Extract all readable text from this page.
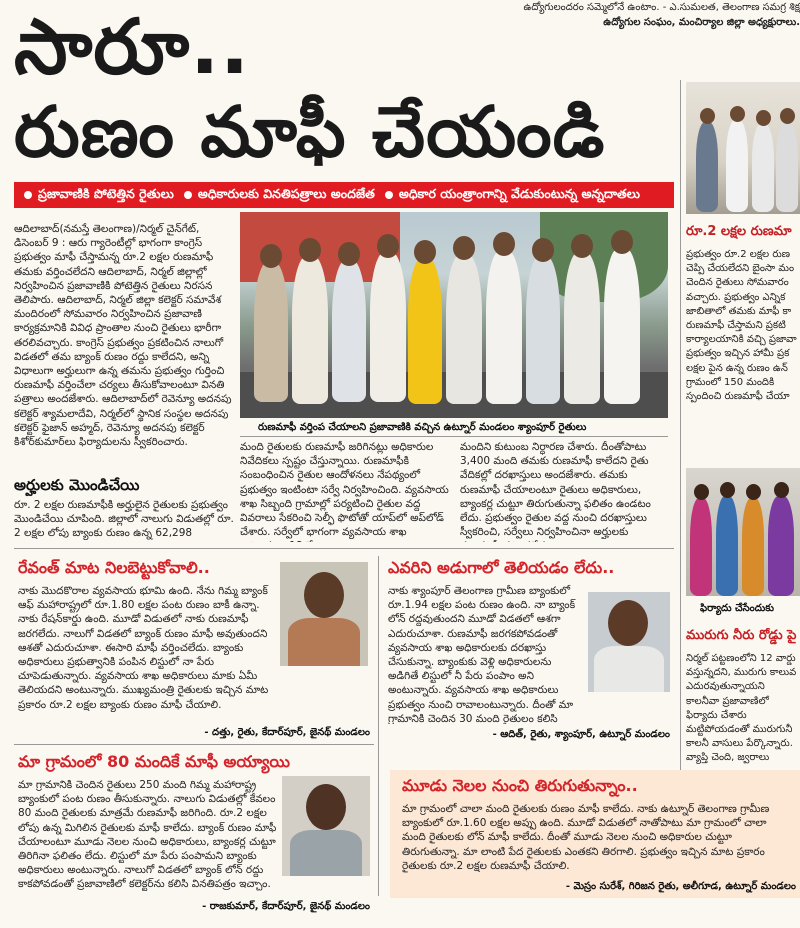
ఉద్యోగులందరం సమ్మెలోనే ఉంటాం. - ఎ.సుమలత, తెలంగాణ సమగ్ర శిక్ష
ఉద్యోగుల సంఘం, మంచిర్యాల జిల్లా అధ్యక్షురాలు.
సారూ..
రుణం మాఫీ చేయండి
ప్రజావాణికి పోటెత్తిన రైతులు అధికారులకు వినతిపత్రాలు అందజేత అధికార యంత్రాంగాన్ని వేడుకుంటున్న అన్నదాతలు
ఆదిలాబాద్(నమస్తే తెలంగాణ)/నిర్మల్ చైన్‌గేట్, డిసెంబర్ 9 : ఆరు గ్యారెంటీల్లో భాగంగా కాంగ్రెస్ ప్రభుత్వం మాఫీ చేస్తామన్న రూ.2 లక్షల రుణమాఫీ తమకు వర్తించలేదని ఆదిలాబాద్, నిర్మల్ జిల్లాల్లో నిర్వహించిన ప్రజావాణికి పోటెత్తిన రైతులు నిరసన తెలిపారు. ఆదిలాబాద్, నిర్మల్ జిల్లా కలెక్టర్ సమావేశ మందిరంలో సోమవారం నిర్వహించిన ప్రజావాణి కార్యక్రమానికి వివిధ ప్రాంతాల నుంచి రైతులు భారీగా తరలివచ్చారు. కాంగ్రెస్ ప్రభుత్వం ప్రకటించిన నాలుగో విడతలో తమ బ్యాంక్ రుణం రద్దు కాలేదని, అన్ని విధాలుగా అర్హులుగా ఉన్న తమను ప్రభుత్వం గుర్తించి రుణమాఫీ వర్తించేలా చర్యలు తీసుకోవాలంటూ వినతి పత్రాలు అందజేశారు. ఆదిలాబాద్‌లో రెవెన్యూ అదనపు కలెక్టర్ శ్యామలాదేవి, నిర్మల్‌లో స్థానిక సంస్థల అదనపు కలెక్టర్ ఫైజాన్ అహ్మద్, రెవెన్యూ అదనపు కలెక్టర్ కిశోర్‌కుమార్‌లు ఫిర్యాదులను స్వీకరించారు.
రుణమాఫీ వర్తింప చేయాలని ప్రజావాణికి వచ్చిన ఉట్నూర్ మండలం శ్యాంపూర్ రైతులు
మంది రైతులకు రుణమాఫీ జరిగినట్లు అధికారుల నివేదికలు స్పష్టం చేస్తున్నాయి. రుణమాఫీకి సంబంధించిన రైతుల ఆందోళనలు నేపథ్యంలో ప్రభుత్వం ఇంటింటా సర్వే నిర్వహించింది. వ్యవసాయ శాఖ సిబ్బంది గ్రామాల్లో పర్యటించి రైతుల వద్ద వివరాలు సేకరించి సెల్ఫీ ఫొటోతో యాప్‌లో అప్‌లోడ్ చేశారు. సర్వేలో భాగంగా వ్యవసాయ శాఖ
మందిని కుటుంబ నిర్ధారణ చేశారు. దీంతోపాటు 3,400 మంది తమకు రుణమాఫీ కాలేదని రైతు వేదికల్లో దరఖాస్తులు అందజేశారు. తమకు రుణమాఫీ చేయాలంటూ రైతులు అధికారులు, బ్యాంకర్ల చుట్టూ తిరుగుతున్నా ఫలితం ఉండటం లేదు. ప్రభుత్వం రైతుల వద్ద నుంచి దరఖాస్తులు స్వీకరించి, సర్వేలు నిర్వహించినా అర్హులకు
అర్హులకు మొండిచేయి
రూ. 2 లక్షల రుణమాఫీకి అర్హులైన రైతులకు ప్రభుత్వం మొండిచేయి చూపింది. జిల్లాలో నాలుగు విడుతల్లో రూ. 2 లక్షల లోపు బ్యాంకు రుణం ఉన్న 62,298
రేవంత్ మాట నిలబెట్టుకోవాలి..
నాకు మొదకొరాల వ్యవసాయ భూమి ఉంది. నేను గిమ్మ బ్యాంక్ ఆఫ్ మహారాష్ట్రలో రూ.1.80 లక్షల పంట రుణం బాకీ ఉన్నా. నాకు రేషన్‌కార్డు ఉంది. మూడో విడుతలో నాకు రుణమాఫీ జరగలేదు. నాలుగో విడతలో బ్యాంక్ రుణం మాఫీ అవుతుందని ఆశతో ఎదురుచూశా. ఈసారి మాఫీ వర్తించలేదు. బ్యాంకు అధికారులు ప్రభుత్వానికి పంపిన లిస్టులో నా పేరు చూపెడుతున్నారు. వ్యవసాయ శాఖ అధికారులు మాకు ఏమీ తెలియదని అంటున్నారు. ముఖ్యమంత్రి రైతులకు ఇచ్చిన మాట ప్రకారం రూ.2 లక్షల బ్యాంకు రుణం మాఫీ చేయాలి.
- దత్తు, రైతు, కేదార్‌పూర్, జైనథ్ మండలం
మా గ్రామంలో 80 మందికే మాఫీ అయ్యాయి
మా గ్రామానికి చెందిన రైతులు 250 మంది గిమ్మ మహారాష్ట్ర బ్యాంకులో పంట రుణం తీసుకున్నారు. నాలుగు విడుతల్లో కేవలం 80 మంది రైతులకు మాత్రమే రుణమాఫీ జరిగింది. రూ.2 లక్షల లోపు ఉన్న మిగిలిన రైతులకు మాఫీ కాలేదు. బ్యాంక్ రుణం మాఫీ చేయాలంటూ మూడు నెలల నుంచి అధికారులు, బ్యాంకర్ల చుట్టూ తిరిగినా ఫలితం లేదు. లిస్టులో మా పేరు పంపామని బ్యాంకు అధికారులు అంటున్నారు. నాలుగో విడతలో బ్యాంక్ లోన్ రద్దు కాకపోవడంతో ప్రజావాణిలో కలెక్టర్‌ను కలిసి వినతిపత్రం ఇచ్చాం.
- రాజకుమార్, కేదార్‌పూర్, జైనథ్ మండలం
ఎవరిని అడుగాలో తెలియడం లేదు..
నాకు శ్యాంపూర్ తెలంగాణ గ్రామీణ బ్యాంకులో రూ.1.94 లక్షల పంట రుణం ఉంది. నా బ్యాంక్ లోన్ రద్దవుతుందని మూడో విడతలో ఆశగా ఎదురుచూశా. రుణమాఫీ జరగకపోవడంతో వ్యవసాయ శాఖ అధికారులకు దరఖాస్తు చేసుకున్నా. బ్యాంకుకు వెళ్లి అధికారులను అడిగితే లిస్టులో నీ పేరు పంపాం అని అంటున్నారు. వ్యవసాయ శాఖ అధికారులు ప్రభుత్వం నుంచి రావాలంటున్నారు. దీంతో మా గ్రామానికి చెందిన 30 మంది రైతులం కలిసి
- ఆదిత్, రైతు, శ్యాంపూర్, ఉట్నూర్ మండలం
మూడు నెలల నుంచి తిరుగుతున్నాం..
మా గ్రామంలో చాలా మంది రైతులకు రుణం మాఫీ కాలేదు. నాకు ఉట్నూర్ తెలంగాణ గ్రామీణ బ్యాంకులో రూ.1.60 లక్షల అప్పు ఉంది. మూడో విడుతలో నాతోపాటు మా గ్రామంలో చాలా మంది రైతులకు లోన్ మాఫీ కాలేదు. దీంతో మూడు నెలల నుంచి అధికారుల చుట్టూ తిరుగుతున్నా. మా లాంటి పేద రైతులకు ఎంతకని తిరగాలి. ప్రభుత్వం ఇచ్చిన మాట ప్రకారం రైతులకు రూ.2 లక్షల రుణమాఫీ చేయాలి.
- మెస్రం సురేశ్, గిరిజన రైతు, అలీగూడ, ఉట్నూర్ మండలం
రూ.2 లక్షల రుణమా
ప్రభుత్వం రూ.2 లక్షల రుణ చెప్పి చేయలేదని బైంసా మం చెందిన రైతులు సోమవారం వచ్చారు. ప్రభుత్వం ఎన్నిక జాబితాలో తమకు మాఫీ కా రుణమాఫీ చేస్తామని ప్రకటి కార్యాలయానికి వచ్చి ప్రజావా ప్రభుత్వం ఇచ్చిన హామీ ప్రక లక్షల పైన ఉన్న రుణం ఉన్ గ్రామంలో 150 మందికి స్పందించి రుణమాఫీ చేయా
ఫిర్యాదు చేసేందుకు
మురుగు నీరు రోడ్డు పై
నిర్మల్ పట్టణంలోని 12 వార్డు వస్తున్నదని, మురుగు కాలువ ఎదురవుతున్నాయని కాలనీవా ప్రజావాణిలో ఫిర్యాదు చేశారు మట్టిపోయడంతో మురుగునీ కాలనీ వాసులు పేర్కొన్నారు. వ్యాప్తి చెంది, జ్వరాలు
